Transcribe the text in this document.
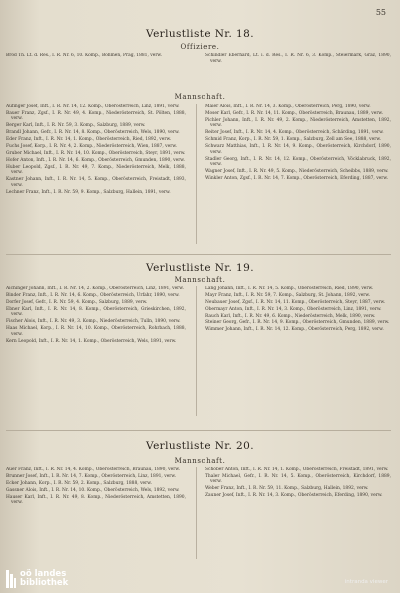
55
Verlustliste Nr. 18.
Offiziere.

Brod Th. Lt. d. Res., I. R. Nr. 6, 10. Komp., Böhmen, Prag, 1881, verw.	Schindler Eberhard, Lt. i. d. Res., I. R. Nr. 6, 3. Komp., Steiermark, Graz, 1890, verw.

Mannschaft.

Aufinger Josef, Inft., I. R. Nr. 14, 12. Komp., Oberösterreich, Linz, 1891, verw.

Bauer Franz, Zgsf., I. R. Nr. 49, 4. Komp., Niederösterreich, St. Pölten, 1888, verw.

Berger Karl, Inft., I. R. Nr. 59, 3. Komp., Salzburg, 1889, verw.

Brandl Johann, Gefr., I. R. Nr. 14, 8. Komp., Oberösterreich, Wels, 1890, verw.

Eder Franz, Inft., I. R. Nr. 14, 1. Komp., Oberösterreich, Ried, 1892, verw.

Fuchs Josef, Korp., I. R. Nr. 4, 2. Komp., Niederösterreich, Wien, 1887, verw.

Gruber Michael, Inft., I. R. Nr. 14, 10. Komp., Oberösterreich, Steyr, 1891, verw.

Hofer Anton, Inft., I. R. Nr. 14, 6. Komp., Oberösterreich, Gmunden, 1890, verw.

Huber Leopold, Zgsf., I. R. Nr. 49, 7. Komp., Niederösterreich, Melk, 1888, verw.

Kastner Johann, Inft., I. R. Nr. 14, 5. Komp., Oberösterreich, Freistadt, 1893, verw.

Lechner Franz, Inft., I. R. Nr. 59, 9. Komp., Salzburg, Hallein, 1891, verw.

Maier Alois, Inft., I. R. Nr. 14, 3. Komp., Oberösterreich, Perg, 1890, verw.

Moser Karl, Gefr., I. R. Nr. 14, 11. Komp., Oberösterreich, Braunau, 1889, verw.

Pichler Johann, Inft., I. R. Nr. 49, 2. Komp., Niederösterreich, Amstetten, 1892, verw.

Reiter Josef, Inft., I. R. Nr. 14, 4. Komp., Oberösterreich, Schärding, 1891, verw.

Schmid Franz, Korp., I. R. Nr. 59, 1. Komp., Salzburg, Zell am See, 1888, verw.

Schwarz Matthias, Inft., I. R. Nr. 14, 9. Komp., Oberösterreich, Kirchdorf, 1890, verw.

Stadler Georg, Inft., I. R. Nr. 14, 12. Komp., Oberösterreich, Vöcklabruck, 1892, verw.

Wagner Josef, Inft., I. R. Nr. 49, 5. Komp., Niederösterreich, Scheibbs, 1889, verw.

Winkler Anton, Zgsf., I. R. Nr. 14, 7. Komp., Oberösterreich, Eferding, 1887, verw.

Verlustliste Nr. 19.
Mannschaft.

Aichinger Johann, Inft., I. R. Nr. 14, 2. Komp., Oberösterreich, Linz, 1891, verw.

Binder Franz, Inft., I. R. Nr. 14, 6. Komp., Oberösterreich, Urfahr, 1890, verw.

Dorfer Josef, Gefr., I. R. Nr. 59, 4. Komp., Salzburg, 1889, verw.

Ebner Karl, Inft., I. R. Nr. 14, 8. Komp., Oberösterreich, Grieskirchen, 1892, verw.

Fischer Alois, Inft., I. R. Nr. 49, 3. Komp., Niederösterreich, Tulln, 1890, verw.

Haas Michael, Korp., I. R. Nr. 14, 10. Komp., Oberösterreich, Rohrbach, 1888, verw.

Kern Leopold, Inft., I. R. Nr. 14, 1. Komp., Oberösterreich, Wels, 1891, verw.

Lang Johann, Inft., I. R. Nr. 14, 5. Komp., Oberösterreich, Ried, 1890, verw.

Mayr Franz, Inft., I. R. Nr. 59, 7. Komp., Salzburg, St. Johann, 1892, verw.

Neubauer Josef, Zgsf., I. R. Nr. 14, 11. Komp., Oberösterreich, Steyr, 1887, verw.

Obermayr Anton, Inft., I. R. Nr. 14, 3. Komp., Oberösterreich, Linz, 1891, verw.

Rauch Karl, Inft., I. R. Nr. 49, 6. Komp., Niederösterreich, Melk, 1890, verw.

Steiner Georg, Gefr., I. R. Nr. 14, 9. Komp., Oberösterreich, Gmunden, 1889, verw.

Wimmer Johann, Inft., I. R. Nr. 14, 12. Komp., Oberösterreich, Perg, 1892, verw.

Verlustliste Nr. 20.
Mannschaft.

Auer Franz, Inft., I. R. Nr. 14, 4. Komp., Oberösterreich, Braunau, 1890, verw.

Brunner Josef, Inft., I. R. Nr. 14, 7. Komp., Oberösterreich, Linz, 1891, verw.

Ecker Johann, Korp., I. R. Nr. 59, 2. Komp., Salzburg, 1888, verw.

Gassner Alois, Inft., I. R. Nr. 14, 10. Komp., Oberösterreich, Wels, 1892, verw.

Hauser Karl, Inft., I. R. Nr. 49, 8. Komp., Niederösterreich, Amstetten, 1890, verw.

Schober Anton, Inft., I. R. Nr. 14, 1. Komp., Oberösterreich, Freistadt, 1891, verw.

Thaler Michael, Gefr., I. R. Nr. 14, 5. Komp., Oberösterreich, Kirchdorf, 1889, verw.

Weber Franz, Inft., I. R. Nr. 59, 11. Komp., Salzburg, Hallein, 1892, verw.

Zauner Josef, Inft., I. R. Nr. 14, 3. Komp., Oberösterreich, Eferding, 1890, verw.

oö landes
bibliothek	intranda viewer
